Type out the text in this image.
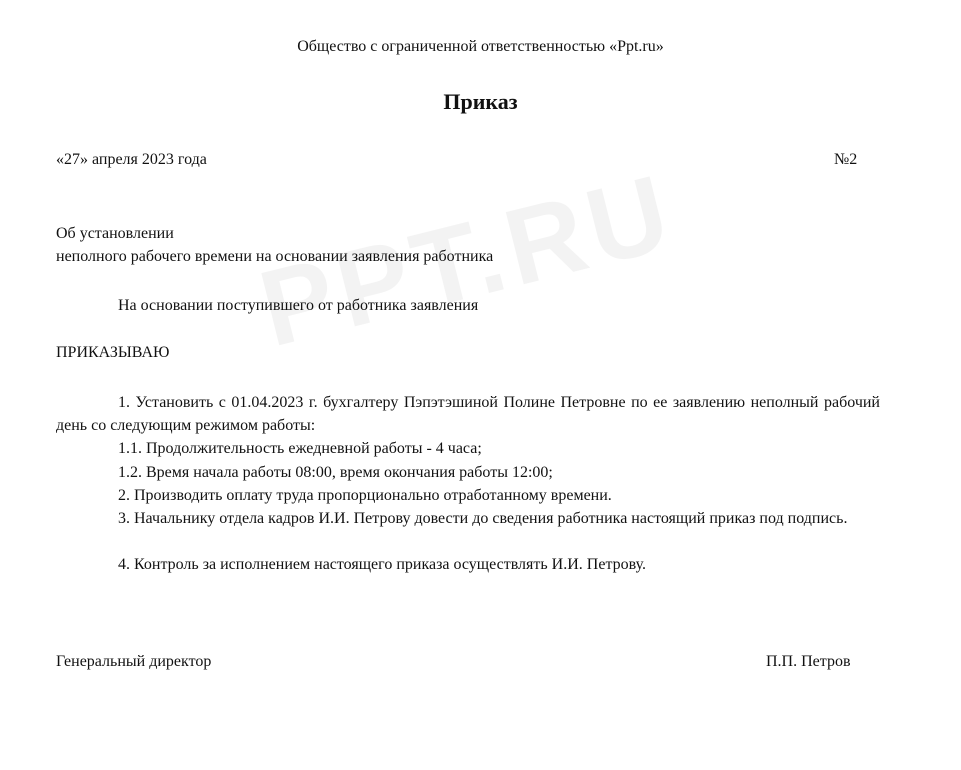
Общество с ограниченной ответственностью «Ppt.ru»
Приказ
«27» апреля 2023 года	№2
Об установлении
неполного рабочего времени на основании заявления работника
На основании поступившего от работника заявления
ПРИКАЗЫВАЮ
1. Установить с 01.04.2023 г. бухгалтеру Пэпэтэшиной Полине Петровне по ее заявлению неполный рабочий день со следующим режимом работы:
1.1. Продолжительность ежедневной работы - 4 часа;
1.2. Время начала работы 08:00, время окончания работы 12:00;
2. Производить оплату труда пропорционально отработанному времени.
3. Начальнику отдела кадров И.И. Петрову довести до сведения работника настоящий приказ под подпись.
4. Контроль за исполнением настоящего приказа осуществлять И.И. Петрову.
Генеральный директор	П.П. Петров
